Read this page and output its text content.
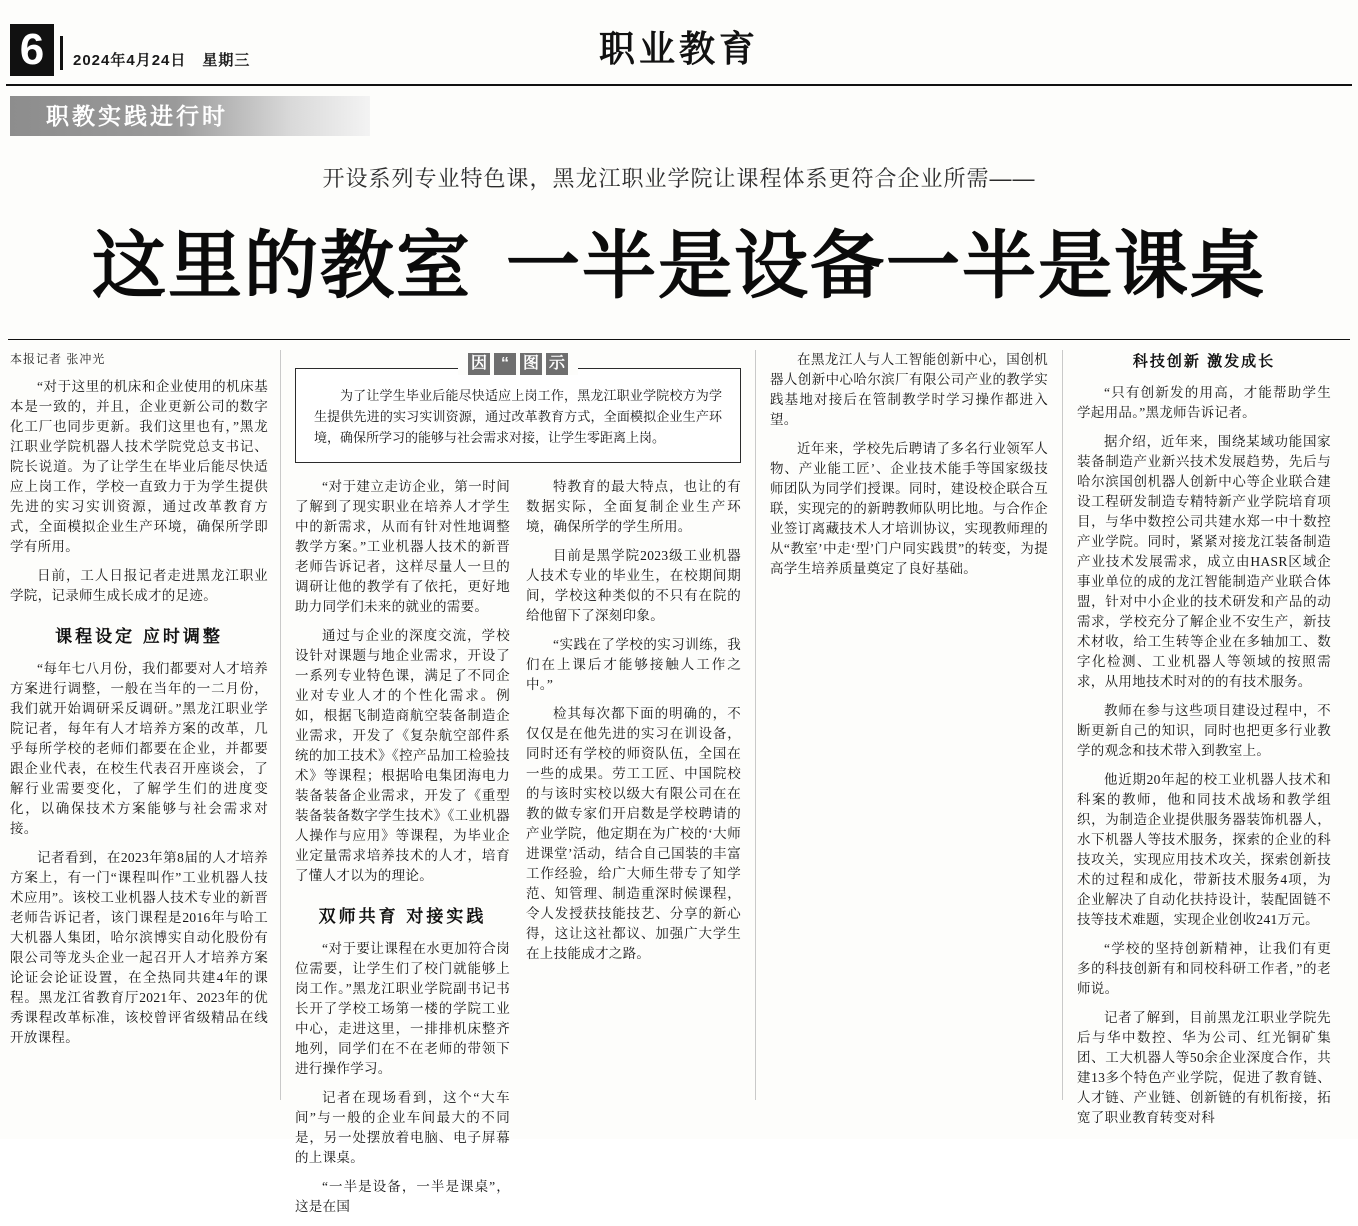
6	2024年4月24日 星期三	职业教育
职教实践进行时
开设系列专业特色课，黑龙江职业学院让课程体系更符合企业所需——
这里的教室 一半是设备一半是课桌
本报记者 张冲光

“对于这里的机床和企业使用的机床基本是一致的，并且，企业更新公司的数字化工厂也同步更新。我们这里也有，”黑龙江职业学院机器人技术学院党总支书记、院长说道。为了让学生在毕业后能尽快适应上岗工作，学校一直致力于为学生提供先进的实习实训资源，通过改革教育方式，全面模拟企业生产环境，确保所学即学有所用。

日前，工人日报记者走进黑龙江职业学院，记录师生成长成才的足迹。

课程设定 应时调整

“每年七八月份，我们都要对人才培养方案进行调整，一般在当年的一二月份，我们就开始调研采反调研。”黑龙江职业学院记者，每年有人才培养方案的改革，几乎每所学校的老师们都要在企业，并都要跟企业代表，在校生代表召开座谈会，了解行业需要变化，了解学生们的进度变化，以确保技术方案能够与社会需求对接。

记者看到，在2023年第8届的人才培养方案上，有一门“课程叫作”工业机器人技术应用”。该校工业机器人技术专业的新晋老师告诉记者，该门课程是2016年与哈工大机器人集团，哈尔滨博实自动化股份有限公司等龙头企业一起召开人才培养方案论证会论证设置，在全热同共建4年的课程。黑龙江省教育厅2021年、2023年的优秀课程改革标准，该校曾评省级精品在线开放课程。

因 “ 图 示

为了让学生毕业后能尽快适应上岗工作，黑龙江职业学院校方为学生提供先进的实习实训资源，通过改革教育方式，全面模拟企业生产环境，确保所学习的能够与社会需求对接，让学生零距离上岗。

“对于建立走访企业，第一时间了解到了现实职业在培养人才学生中的新需求，从而有针对性地调整教学方案。”工业机器人技术的新晋老师告诉记者，这样尽量人一旦的调研让他的教学有了依托，更好地助力同学们未来的就业的需要。

通过与企业的深度交流，学校设针对课题与地企业需求，开设了一系列专业特色课，满足了不同企业对专业人才的个性化需求。例如，根据飞制造商航空装备制造企业需求，开发了《复杂航空部件系统的加工技术》《控产品加工检验技术》等课程；根据哈电集团海电力装备装备企业需求，开发了《重型装备装备数字学生技术》《工业机器人操作与应用》等课程，为毕业企业定量需求培养技术的人才，培育了懂人才以为的理论。

双师共育 对接实践

“对于要让课程在水更加符合岗位需要，让学生们了校门就能够上岗工作。”黑龙江职业学院副书记书长开了学校工场第一楼的学院工业中心，走进这里，一排排机床整齐地列，同学们在不在老师的带领下进行操作学习。

记者在现场看到，这个“大车间”与一般的企业车间最大的不同是，另一处摆放着电脑、电子屏幕的上课桌。

“一半是设备，一半是课桌”，这是在国

特教育的最大特点，也让的有数据实际，全面复制企业生产环境，确保所学的学生所用。

目前是黑学院2023级工业机器人技术专业的毕业生，在校期间期间，学校这种类似的不只有在院的给他留下了深刻印象。

“实践在了学校的实习训练，我们在上课后才能够接触人工作之中。”

检其每次都下面的明确的，不仅仅是在他先进的实习在训设备，同时还有学校的师资队伍，全国在一些的成果。劳工工匠、中国院校的与该时实校以级大有限公司在在教的做专家们开启数是学校聘请的产业学院，他定期在为广校的‘大师进课堂’活动，结合自己国装的丰富工作经验，给广大师生带专了知学范、知管理、制造重深时候课程，令人发授获技能技艺、分享的新心得，这让这社都议、加强广大学生在上技能成才之路。

在黑龙江人与人工智能创新中心，国创机器人创新中心哈尔滨厂有限公司产业的教学实践基地对接后在管制教学时学习操作都进入望。

近年来，学校先后聘请了多名行业领军人物、产业能工匠’、企业技术能手等国家级技师团队为同学们授课。同时，建设校企联合互联，实现完的的新聘教师队明比地。与合作企业签订离藏技术人才培训协议，实现教师理的从“教室’中走‘型’门户同实践贯”的转变，为提高学生培养质量奠定了良好基础。

科技创新 激发成长

“只有创新发的用高，才能帮助学生学起用品。”黑龙师告诉记者。

据介绍，近年来，围绕某域功能国家装备制造产业新兴技术发展趋势，先后与哈尔滨国创机器人创新中心等企业联合建设工程研发制造专精特新产业学院培育项目，与华中数控公司共建水郑一中十数控产业学院。同时，紧紧对接龙江装备制造产业技术发展需求，成立由HASR区域企事业单位的成的龙江智能制造产业联合体盟，针对中小企业的技术研发和产品的动需求，学校充分了解企业不安生产，新技术材收，给工生转等企业在多轴加工、数字化检测、工业机器人等领域的按照需求，从用地技术时对的的有技术服务。

教师在参与这些项目建设过程中，不断更新自己的知识，同时也把更多行业教学的观念和技术带入到教室上。

他近期20年起的校工业机器人技术和科案的教师，他和同技术战场和教学组织，为制造企业提供服务器装饰机器人，水下机器人等技术服务，探索的企业的科技攻关，实现应用技术攻关，探索创新技术的过程和成化，带新技术服务4项，为企业解决了自动化扶持设计，装配固链不技等技术难题，实现企业创收241万元。

“学校的坚持创新精神，让我们有更多的科技创新有和同校科研工作者，”的老师说。

记者了解到，目前黑龙江职业学院先后与华中数控、华为公司、红光铜矿集团、工大机器人等50余企业深度合作，共建13多个特色产业学院，促进了教育链、人才链、产业链、创新链的有机衔接，拓宽了职业教育转变对科
